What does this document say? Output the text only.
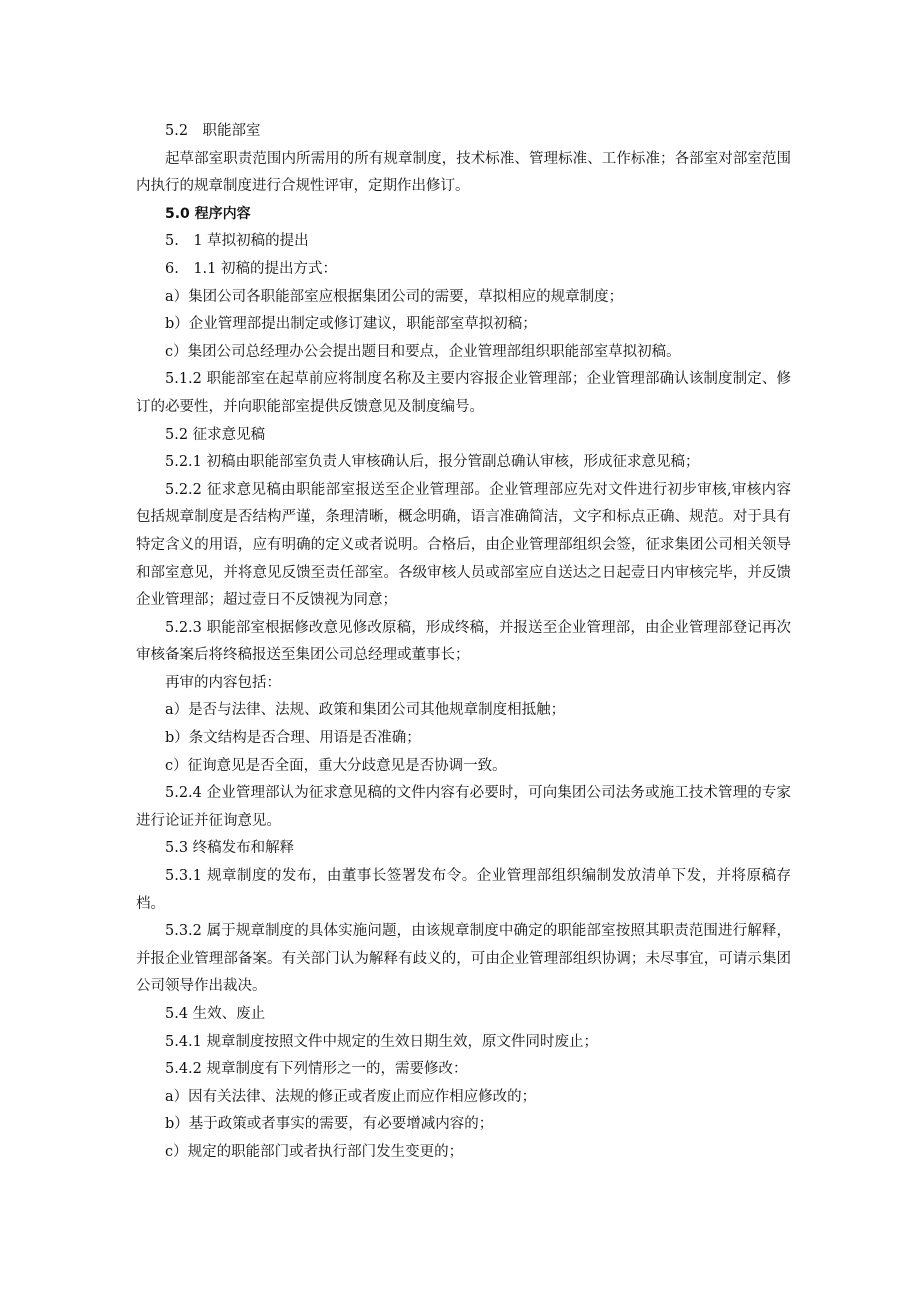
5.2　职能部室

起草部室职责范围内所需用的所有规章制度，技术标准、管理标准、工作标准；各部室对部室范围内执行的规章制度进行合规性评审，定期作出修订。

5.0 程序内容

5.　1 草拟初稿的提出

6.　1.1 初稿的提出方式：

a）集团公司各职能部室应根据集团公司的需要，草拟相应的规章制度；

b）企业管理部提出制定或修订建议，职能部室草拟初稿；

c）集团公司总经理办公会提出题目和要点，企业管理部组织职能部室草拟初稿。

5.1.2 职能部室在起草前应将制度名称及主要内容报企业管理部；企业管理部确认该制度制定、修订的必要性，并向职能部室提供反馈意见及制度编号。

5.2 征求意见稿

5.2.1 初稿由职能部室负责人审核确认后，报分管副总确认审核，形成征求意见稿；

5.2.2 征求意见稿由职能部室报送至企业管理部。企业管理部应先对文件进行初步审核,审核内容包括规章制度是否结构严谨，条理清晰，概念明确，语言准确简洁，文字和标点正确、规范。对于具有特定含义的用语，应有明确的定义或者说明。合格后，由企业管理部组织会签，征求集团公司相关领导和部室意见，并将意见反馈至责任部室。各级审核人员或部室应自送达之日起壹日内审核完毕，并反馈企业管理部；超过壹日不反馈视为同意；

5.2.3 职能部室根据修改意见修改原稿，形成终稿，并报送至企业管理部，由企业管理部登记再次审核备案后将终稿报送至集团公司总经理或董事长；

再审的内容包括：

a）是否与法律、法规、政策和集团公司其他规章制度相抵触；

b）条文结构是否合理、用语是否准确；

c）征询意见是否全面，重大分歧意见是否协调一致。

5.2.4 企业管理部认为征求意见稿的文件内容有必要时，可向集团公司法务或施工技术管理的专家进行论证并征询意见。

5.3 终稿发布和解释

5.3.1 规章制度的发布，由董事长签署发布令。企业管理部组织编制发放清单下发，并将原稿存档。

5.3.2 属于规章制度的具体实施问题，由该规章制度中确定的职能部室按照其职责范围进行解释，并报企业管理部备案。有关部门认为解释有歧义的，可由企业管理部组织协调；未尽事宜，可请示集团公司领导作出裁决。

5.4 生效、废止

5.4.1 规章制度按照文件中规定的生效日期生效，原文件同时废止；

5.4.2 规章制度有下列情形之一的，需要修改：

a）因有关法律、法规的修正或者废止而应作相应修改的；

b）基于政策或者事实的需要，有必要增减内容的；

c）规定的职能部门或者执行部门发生变更的；
